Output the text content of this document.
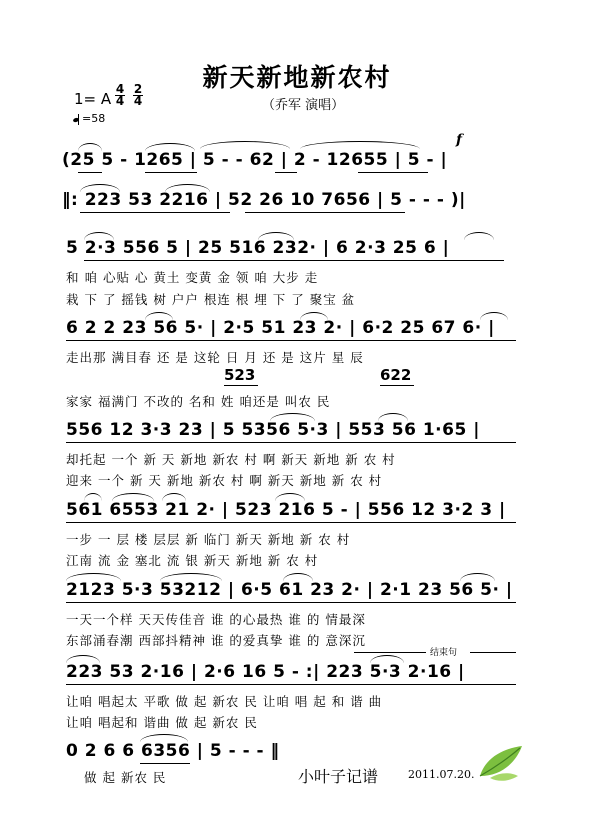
新天新地新农村
（乔军 演唱）
1= A
4
4
2
4
=58
f
(25 5 - 1265 | 5 - - 62 | 2 - 12655 | 5 - |
‖: 223 53 2216 | 52 26 10 7656 | 5 - - - )|
5 2·3 556 5 | 25 516 232· | 6 2·3 25 6 |
和 咱 心贴 心 黄土 变黄 金 领 咱 大步 走
栽 下 了 摇钱 树 户户 根连 根 埋 下 了 聚宝 盆
6 2 2 23 56 5· | 2·5 51 23 2· | 6·2 25 67 6· |
走出那 满目春 还 是 这轮 日 月 还 是 这片 星 辰
523	622
家家 福满门 不改的 名和 姓 咱还是 叫农 民
556 12 3·3 23 | 5 5356 5·3 | 553 56 1·65 |
却托起 一个 新 天 新地 新农 村 啊 新天 新地 新 农 村
迎来 一个 新 天 新地 新农 村 啊 新天 新地 新 农 村
561 6553 21 2· | 523 216 5 - | 556 12 3·2 3 |
一步 一 层 楼 层层 新 临门 新天 新地 新 农 村
江南 流 金 塞北 流 银 新天 新地 新 农 村
2123 5·3 53212 | 6·5 61 23 2· | 2·1 23 56 5· |
一天一个样 天天传佳音 谁 的心最热 谁 的 情最深
东部涌春潮 西部抖精神 谁 的爱真挚 谁 的 意深沉
结束句
223 53 2·16 | 2·6 16 5 - :| 223 5·3 2·16 |
让咱 唱起太 平歌 做 起 新农 民 让咱 唱 起 和 谐 曲
让咱 唱起和 谐曲 做 起 新农 民
0 2 6 6 6356 | 5 - - - ‖
做 起 新农 民	小叶子记谱	2011.07.20.
